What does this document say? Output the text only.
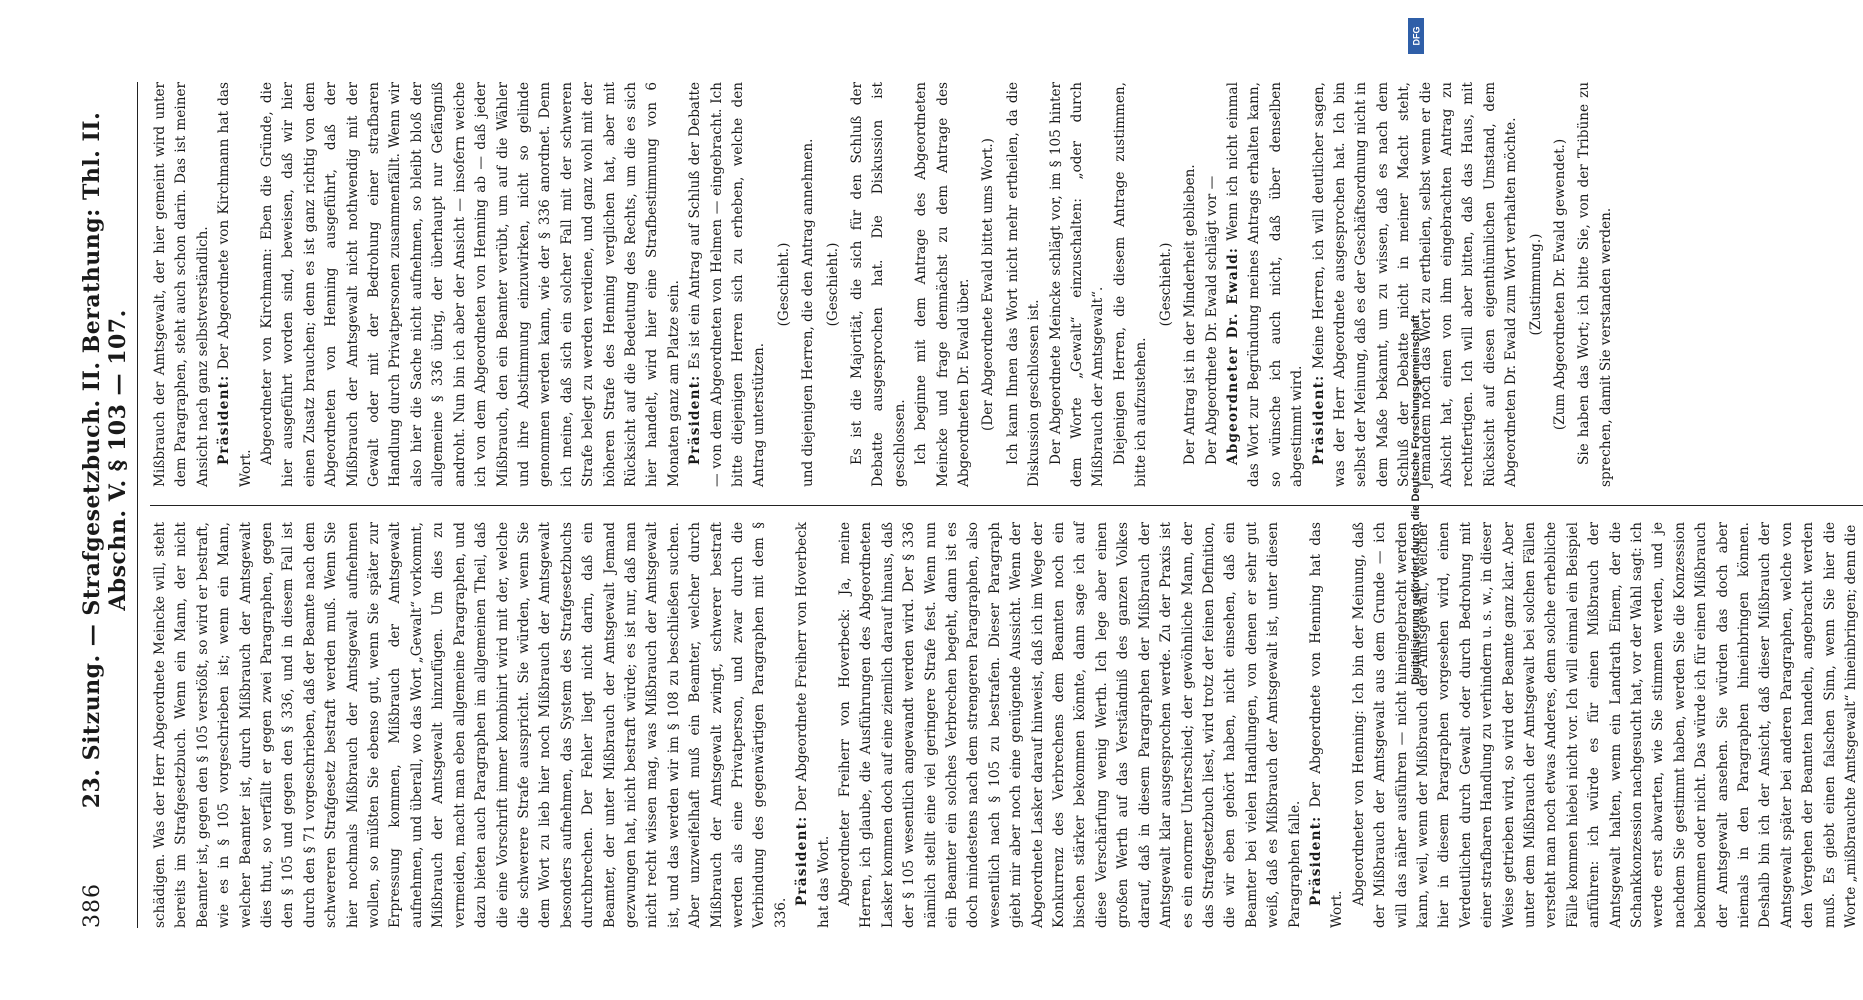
386
23. Sitzung. — Strafgesetzbuch. II. Berathung: Thl. II. Abschn. V. § 103 — 107.

schädigen. Was der Herr Abgeordnete Meincke will, steht bereits im Strafgesetzbuch. Wenn ein Mann, der nicht Beamter ist, gegen den § 105 verstößt, so wird er bestraft, wie es in § 105 vorgeschrieben ist; wenn ein Mann, welcher Beamter ist, durch Mißbrauch der Amtsgewalt dies thut, so verfällt er gegen zwei Paragraphen, gegen den § 105 und gegen den § 336, und in diesem Fall ist durch den § 71 vorgeschrieben, daß der Beamte nach dem schwereren Strafgesetz bestraft werden muß. Wenn Sie hier nochmals Mißbrauch der Amtsgewalt aufnehmen wollen, so müßten Sie ebenso gut, wenn Sie später zur Erpressung kommen, Mißbrauch der Amtsgewalt aufnehmen, und überall, wo das Wort „Gewalt“ vorkommt, Mißbrauch der Amtsgewalt hinzufügen. Um dies zu vermeiden, macht man eben allgemeine Paragraphen, und dazu bieten auch Paragraphen im allgemeinen Theil, daß die eine Vorschrift immer kombinirt wird mit der, welche die schwerere Strafe ausspricht. Sie würden, wenn Sie dem Wort zu lieb hier noch Mißbrauch der Amtsgewalt besonders aufnehmen, das System des Strafgesetzbuchs durchbrechen. Der Fehler liegt nicht darin, daß ein Beamter, der unter Mißbrauch der Amtsgewalt Jemand gezwungen hat, nicht bestraft würde; es ist nur, daß man nicht recht wissen mag, was Mißbrauch der Amtsgewalt ist, und das werden wir im § 108 zu beschließen suchen. Aber unzweifelhaft muß ein Beamter, welcher durch Mißbrauch der Amtsgewalt zwingt, schwerer bestraft werden als eine Privatperson, und zwar durch die Verbindung des gegenwärtigen Paragraphen mit dem § 336.

Präsident: Der Abgeordnete Freiherr von Hoverbeck hat das Wort. Abgeordneter Freiherr von Hoverbeck: Ja, meine Herren, ich glaube, die Ausführungen des Abgeordneten Lasker kommen doch auf eine ziemlich darauf hinaus, daß der § 105 wesentlich angewandt werden wird. Der § 336 nämlich stellt eine viel geringere Strafe fest. Wenn nun ein Beamter ein solches Verbrechen begeht, dann ist es doch mindestens nach dem strengeren Paragraphen, also wesentlich nach § 105 zu bestrafen. Dieser Paragraph giebt mir aber noch eine genügende Aussicht. Wenn der Abgeordnete Lasker darauf hinweist, daß ich im Wege der Konkurrenz des Verbrechens dem Beamten noch ein bischen stärker bekommen könnte, dann sage ich auf diese Verschärfung wenig Werth. Ich lege aber einen großen Werth auf das Verständniß des ganzen Volkes darauf, daß in diesem Paragraphen der Mißbrauch der Amtsgewalt klar ausgesprochen werde. Zu der Praxis ist es ein enormer Unterschied; der gewöhnliche Mann, der das Strafgesetzbuch liest, wird trotz der feinen Definition, die wir eben gehört haben, nicht einsehen, daß ein Beamter bei vielen Handlungen, von denen er sehr gut weiß, daß es Mißbrauch der Amtsgewalt ist, unter diesen Paragraphen falle. Präsident: Der Abgeordnete von Henning hat das Wort.

Abgeordneter von Henning: Ich bin der Meinung, daß der Mißbrauch der Amtsgewalt aus dem Grunde — ich will das näher ausführen — nicht hineingebracht werden kann, weil, wenn der Mißbrauch der Amtsgewalt, welcher hier in diesem Paragraphen vorgesehen wird, einen Verdeutlichen durch Gewalt oder durch Bedrohung mit einer strafbaren Handlung zu verhindern u. s. w., in dieser Weise getrieben wird, so wird der Beamte ganz klar. Aber unter dem Mißbrauch der Amtsgewalt bei solchen Fällen versteht man noch etwas Anderes, denn solche erhebliche Fälle kommen hiebei nicht vor. Ich will einmal ein Beispiel anführen: ich würde es für einen Mißbrauch der Amtsgewalt halten, wenn ein Landrath Einem, der die Schankkonzession nachgesucht hat, vor der Wahl sagt: ich werde erst abwarten, wie Sie stimmen werden, und je nachdem Sie gestimmt haben, werden Sie die Konzession bekommen oder nicht. Das würde ich für einen Mißbrauch der Amtsgewalt ansehen. Sie würden das doch aber niemals in den Paragraphen hineinbringen können. Deshalb bin ich der Ansicht, daß dieser Mißbrauch der Amtsgewalt später bei anderen Paragraphen, welche von den Vergehen der Beamten handeln, angebracht werden muß. Es giebt einen falschen Sinn, wenn Sie hier die Worte „mißbrauchte Amtsgewalt“ hineinbringen; denn die

Mißbrauch der Amtsgewalt, der hier gemeint wird unter dem Paragraphen, steht auch schon darin. Das ist meiner Ansicht nach ganz selbstverständlich. Präsident: Der Abgeordnete von Kirchmann hat das Wort.

Abgeordneter von Kirchmann: Eben die Gründe, die hier ausgeführt worden sind, beweisen, daß wir hier einen Zusatz brauchen; denn es ist ganz richtig von dem Abgeordneten von Henning ausgeführt, daß der Mißbrauch der Amtsgewalt nicht nothwendig mit der Gewalt oder mit der Bedrohung einer strafbaren Handlung durch Privatpersonen zusammenfällt. Wenn wir also hier die Sache nicht aufnehmen, so bleibt bloß der allgemeine § 336 übrig, der überhaupt nur Gefängniß androht. Nun bin ich aber der Ansicht — insofern weiche ich von dem Abgeordneten von Henning ab — daß jeder Mißbrauch, den ein Beamter verübt, um auf die Wähler und ihre Abstimmung einzuwirken, nicht so gelinde genommen werden kann, wie der § 336 anordnet. Denn ich meine, daß sich ein solcher Fall mit der schweren Strafe belegt zu werden verdiene, und ganz wohl mit der höheren Strafe des Henning verglichen hat, aber mit Rücksicht auf die Bedeutung des Rechts, um die es sich hier handelt, wird hier eine Strafbestimmung von 6 Monaten ganz am Platze sein. Präsident: Es ist ein Antrag auf Schluß der Debatte — von dem Abgeordneten von Helmen — eingebracht. Ich bitte diejenigen Herren sich zu erheben, welche den Antrag unterstützen.

(Geschieht.) und diejenigen Herren, die den Antrag annehmen. (Geschieht.) Es ist die Majorität, die sich für den Schluß der Debatte ausgesprochen hat. Die Diskussion ist geschlossen. Ich beginne mit dem Antrage des Abgeordneten Meincke und frage demnächst zu dem Antrage des Abgeordneten Dr. Ewald über. (Der Abgeordnete Ewald bittet ums Wort.) Ich kann Ihnen das Wort nicht mehr ertheilen, da die Diskussion geschlossen ist. Der Abgeordnete Meincke schlägt vor, im § 105 hinter dem Worte „Gewalt“ einzuschalten: „oder durch Mißbrauch der Amtsgewalt“. Diejenigen Herren, die diesem Antrage zustimmen, bitte ich aufzustehen.

(Geschieht.) Der Antrag ist in der Minderheit geblieben. Der Abgeordnete Dr. Ewald schlägt vor — Abgeordneter Dr. Ewald: Wenn ich nicht einmal das Wort zur Begründung meines Antrags erhalten kann, so wünsche ich auch nicht, daß über denselben abgestimmt wird. Präsident: Meine Herren, ich will deutlicher sagen, was der Herr Abgeordnete ausgesprochen hat. Ich bin selbst der Meinung, daß es der Geschäftsordnung nicht in dem Maße bekannt, um zu wissen, daß es nach dem Schluß der Debatte nicht in meiner Macht steht, Jemandem noch das Wort zu ertheilen, selbst wenn er die Absicht hat, einen von ihm eingebrachten Antrag zu rechtfertigen. Ich will aber bitten, daß das Haus, mit Rücksicht auf diesen eigenthümlichen Umstand, dem Abgeordneten Dr. Ewald zum Wort verhalten möchte. (Zustimmung.) (Zum Abgeordneten Dr. Ewald gewendet.) Sie haben das Wort; ich bitte Sie, von der Tribüne zu sprechen, damit Sie verstanden werden.

DFG
Digitalisierung gefördert durch die Deutsche Forschungsgemeinschaft
